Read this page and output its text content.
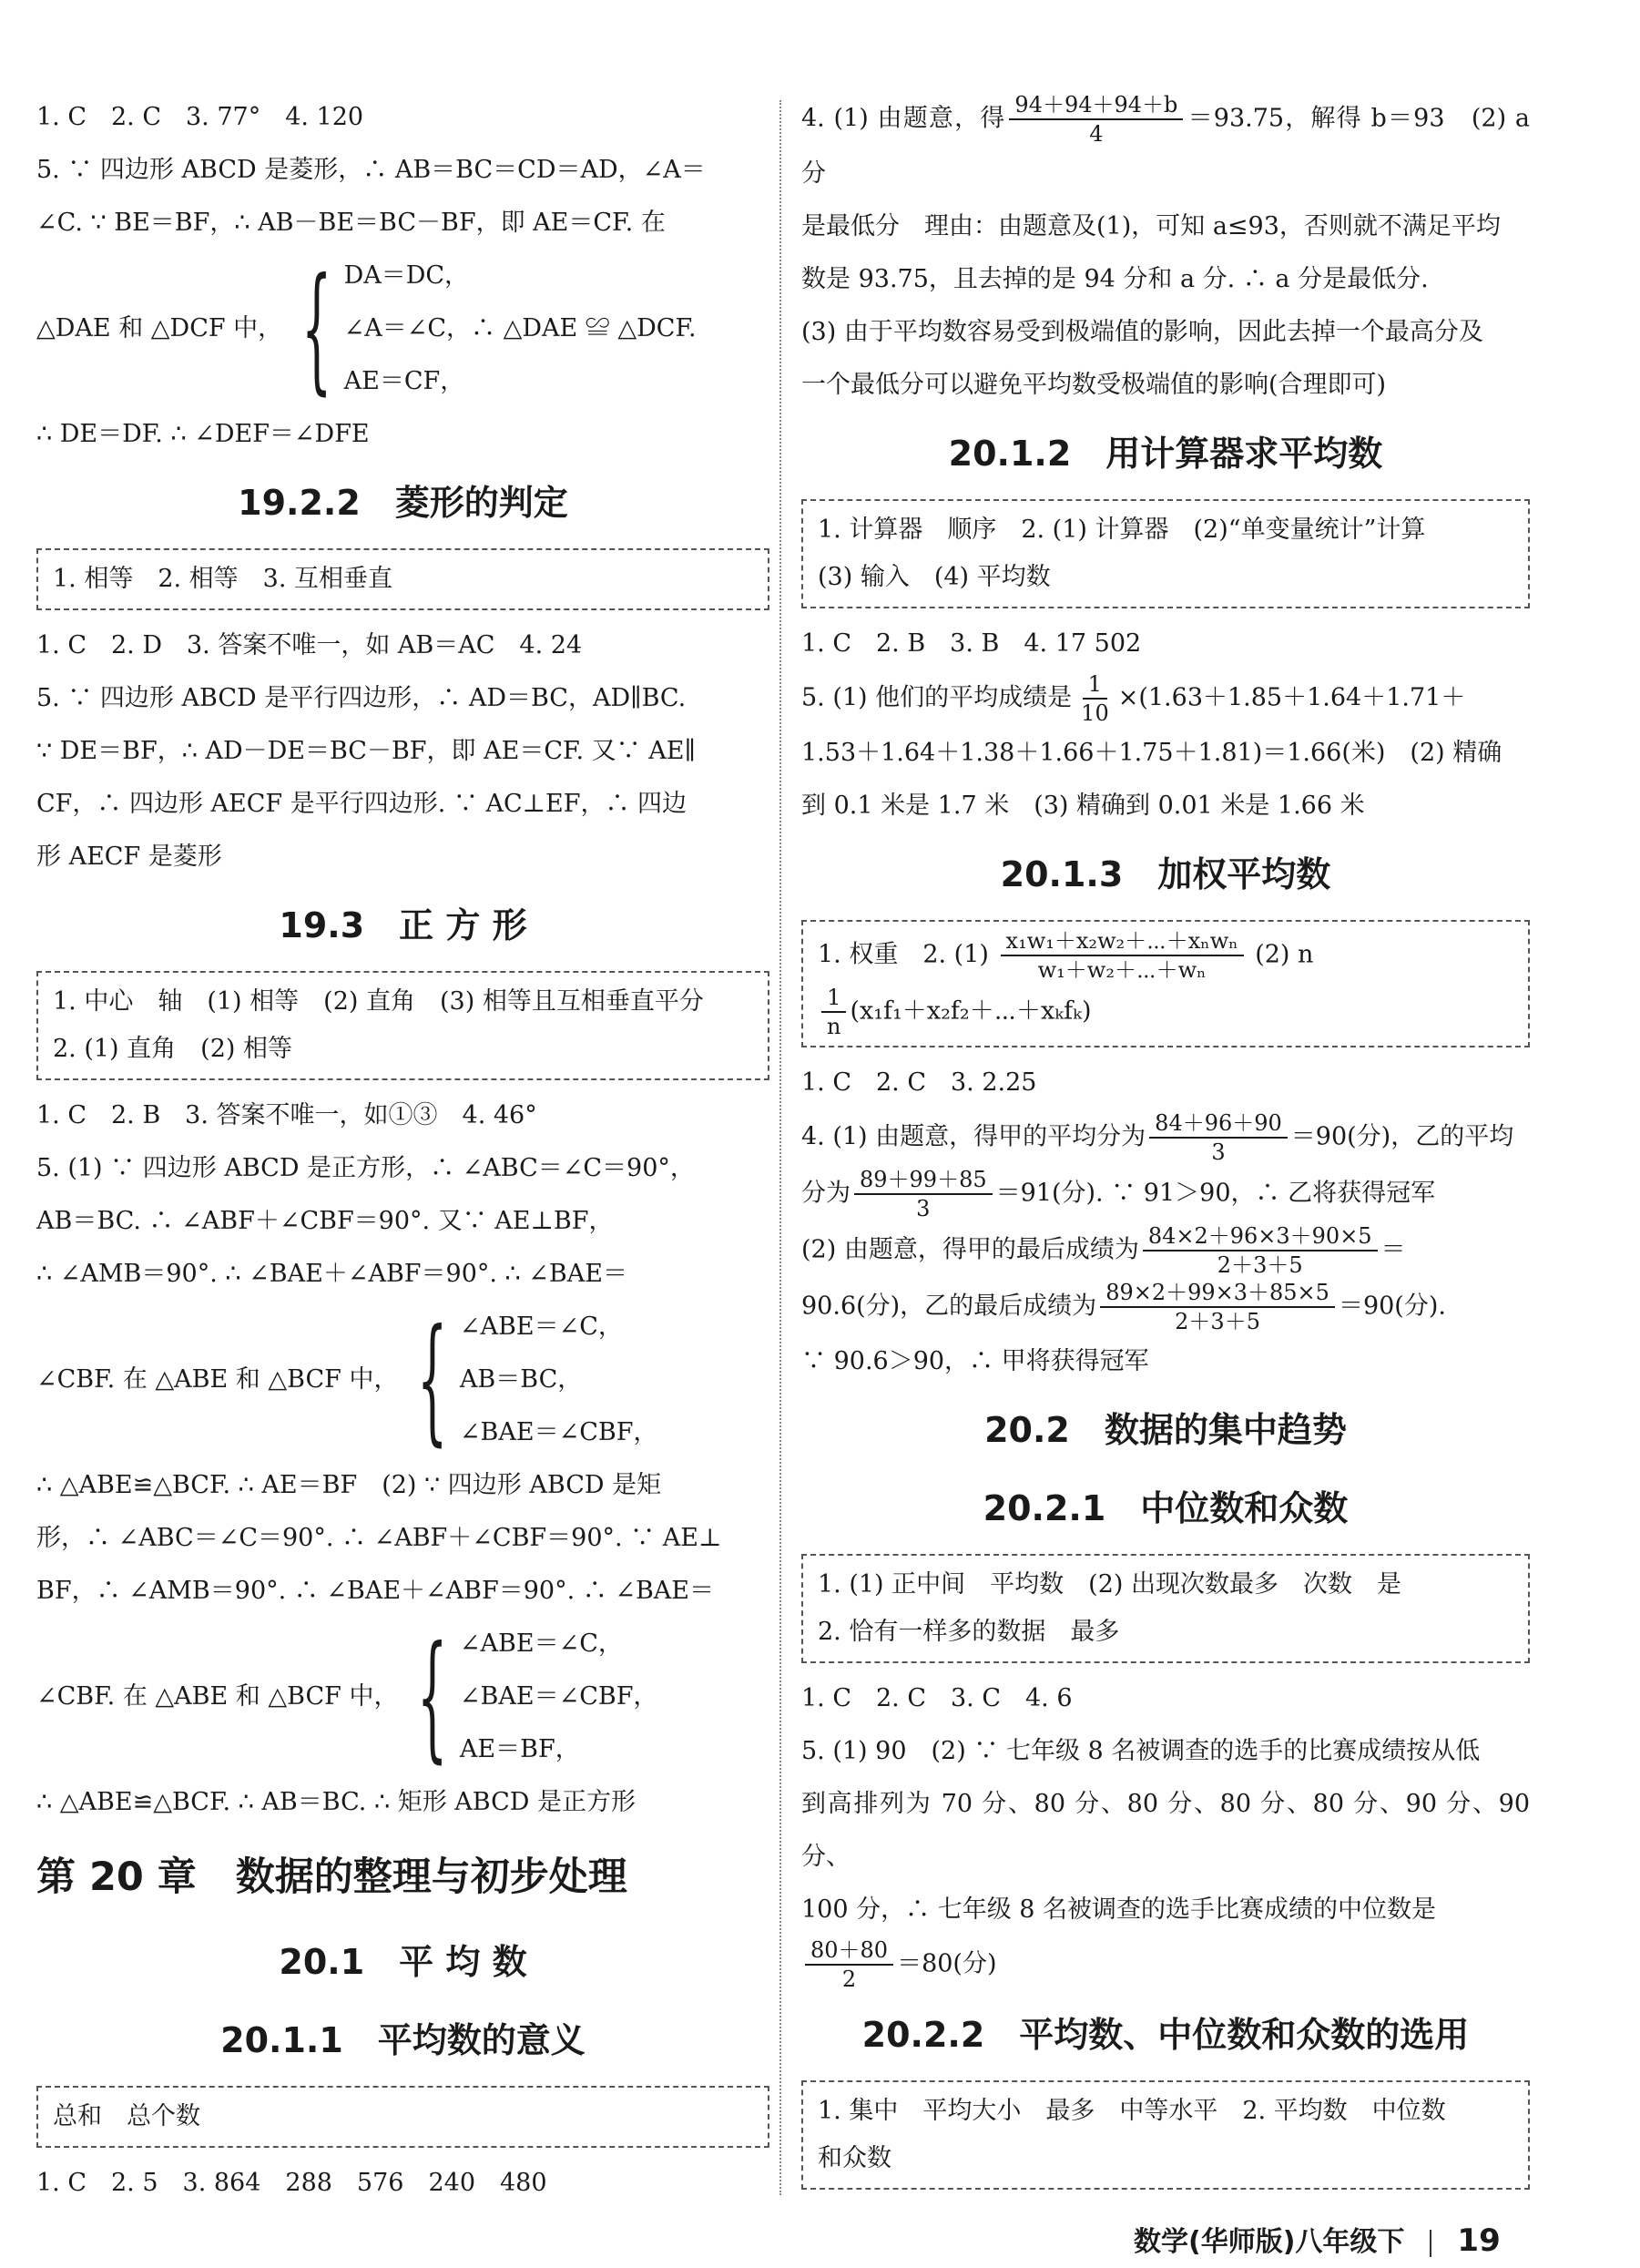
1. C　2. C　3. 77°　4. 120

5. ∵ 四边形 ABCD 是菱形，∴ AB＝BC＝CD＝AD，∠A＝

∠C. ∵ BE＝BF，∴ AB－BE＝BC－BF，即 AE＝CF. 在

△DAE 和 △DCF 中， { DA＝DC，
∠A＝∠C，∴ △DAE ≌ △DCF.
AE＝CF，

∴ DE＝DF. ∴ ∠DEF＝∠DFE

19.2.2　菱形的判定

1. 相等　2. 相等　3. 互相垂直

1. C　2. D　3. 答案不唯一，如 AB＝AC　4. 24

5. ∵ 四边形 ABCD 是平行四边形，∴ AD＝BC，AD∥BC.

∵ DE＝BF，∴ AD－DE＝BC－BF，即 AE＝CF. 又∵ AE∥

CF，∴ 四边形 AECF 是平行四边形. ∵ AC⊥EF，∴ 四边

形 AECF 是菱形

19.3　正 方 形

1. 中心　轴　(1) 相等　(2) 直角　(3) 相等且互相垂直平分

2. (1) 直角　(2) 相等

1. C　2. B　3. 答案不唯一，如①③　4. 46°

5. (1) ∵ 四边形 ABCD 是正方形，∴ ∠ABC＝∠C＝90°，

AB＝BC. ∴ ∠ABF＋∠CBF＝90°. 又∵ AE⊥BF，

∴ ∠AMB＝90°. ∴ ∠BAE＋∠ABF＝90°. ∴ ∠BAE＝

∠CBF. 在 △ABE 和 △BCF 中， { ∠ABE＝∠C，
AB＝BC，
∠BAE＝∠CBF，

∴ △ABE≌△BCF. ∴ AE＝BF　(2) ∵ 四边形 ABCD 是矩

形，∴ ∠ABC＝∠C＝90°. ∴ ∠ABF＋∠CBF＝90°. ∵ AE⊥

BF，∴ ∠AMB＝90°. ∴ ∠BAE＋∠ABF＝90°. ∴ ∠BAE＝

∠CBF. 在 △ABE 和 △BCF 中， { ∠ABE＝∠C，
∠BAE＝∠CBF，
AE＝BF，

∴ △ABE≌△BCF. ∴ AB＝BC. ∴ 矩形 ABCD 是正方形

第 20 章　数据的整理与初步处理
20.1　平 均 数
20.1.1　平均数的意义

总和　总个数

1. C　2. 5　3. 864　288　576　240　480

4. (1) 由题意，得 $\frac{94+94+94+b}{4} =93.75$，解得 b＝93　(2) a 分

是最低分　理由：由题意及(1)，可知 a≤93，否则就不满足平均

数是 93.75，且去掉的是 94 分和 a 分. ∴ a 分是最低分.

(3) 由于平均数容易受到极端值的影响，因此去掉一个最高分及

一个最低分可以避免平均数受极端值的影响(合理即可)

20.1.2　用计算器求平均数

1. 计算器　顺序　2. (1) 计算器　(2)“单变量统计”计算

(3) 输入　(4) 平均数

1. C　2. B　3. B　4. 17 502

5. (1) 他们的平均成绩是 $\frac{1}{10} \times(1.63+1.85+1.64+1.71+$

1.53＋1.64＋1.38＋1.66＋1.75＋1.81)＝1.66(米)　(2) 精确

到 0.1 米是 1.7 米　(3) 精确到 0.01 米是 1.66 米

20.1.3　加权平均数

1. 权重　2. $(1) \frac{\text{x₁w₁＋x₂w₂＋⋯＋xₙwₙ}}{\text{w₁＋w₂＋⋯＋wₙ}} (2)$ n

$\frac{1}{n}$ (x₁f₁＋x₂f₂＋⋯＋xₖfₖ)

1. C　2. C　3. 2.25

4. (1) 由题意，得甲的平均分为 $\frac{84+96+90}{3} =90$(分)，乙的平均

分为 $\frac{89+99+85}{3} =91$(分). ∵ 91＞90，∴ 乙将获得冠军

(2) 由题意，得甲的最后成绩为 $\frac{84\times 2+96\times 3+90\times 5}{2+3+5}$ ＝

90.6(分)，乙的最后成绩为 $\frac{89\times 2+99\times 3+85\times 5}{2+3+5} =90$(分).

∵ 90.6＞90，∴ 甲将获得冠军

20.2　数据的集中趋势
20.2.1　中位数和众数

1. (1) 正中间　平均数　(2) 出现次数最多　次数　是

2. 恰有一样多的数据　最多

1. C　2. C　3. C　4. 6

5. (1) 90　(2) ∵ 七年级 8 名被调查的选手的比赛成绩按从低

到高排列为 70 分、80 分、80 分、80 分、80 分、90 分、90 分、

100 分，∴ 七年级 8 名被调查的选手比赛成绩的中位数是

$\frac{80+80}{2} =80$(分)

20.2.2　平均数、中位数和众数的选用

1. 集中　平均大小　最多　中等水平　2. 平均数　中位数

和众数

数学(华师版)八年级下 19
